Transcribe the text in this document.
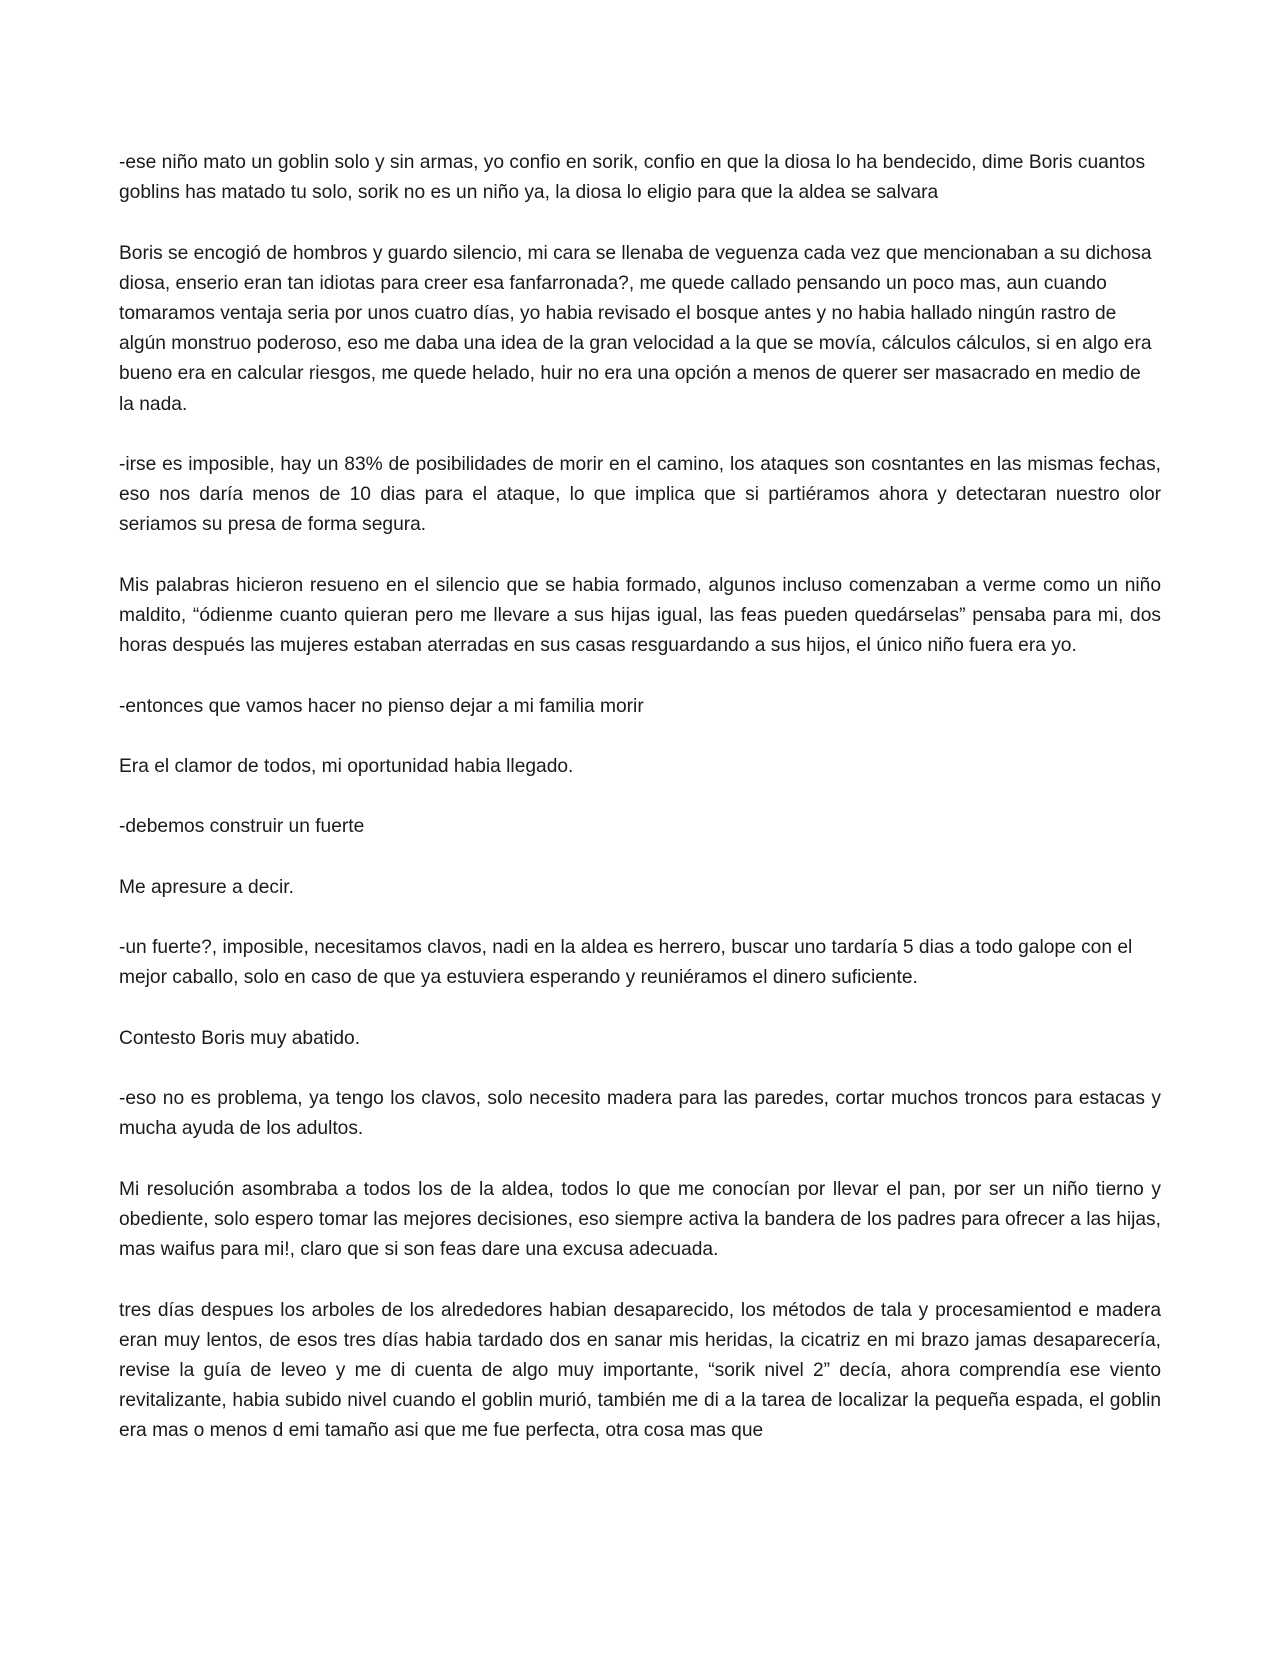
-ese niño mato un goblin solo y sin armas, yo confio en sorik, confio en que la diosa lo ha bendecido, dime Boris cuantos goblins has matado tu solo, sorik no es un niño ya, la diosa lo eligio para que la aldea se salvara

Boris se encogió de hombros y guardo silencio, mi cara se llenaba de veguenza cada vez que mencionaban a su dichosa diosa, enserio eran tan idiotas para creer esa fanfarronada?, me quede callado pensando un poco mas, aun cuando tomaramos ventaja seria por unos cuatro días, yo habia revisado el bosque antes y no habia hallado ningún rastro de algún monstruo poderoso, eso me daba una idea de la gran velocidad a la que se movía, cálculos cálculos, si en algo era bueno era en calcular riesgos, me quede helado, huir no era una opción a menos de querer ser masacrado en medio de la nada.

-irse es imposible, hay un 83% de posibilidades de morir en el camino, los ataques son cosntantes en las mismas fechas, eso nos daría menos de 10 dias para el ataque, lo que implica que si partiéramos ahora y detectaran nuestro olor seriamos su presa de forma segura.

Mis palabras hicieron resueno en el silencio que se habia formado, algunos incluso comenzaban a verme como un niño maldito, “ódienme cuanto quieran pero me llevare a sus hijas igual, las feas pueden quedárselas” pensaba para mi, dos horas después las mujeres estaban aterradas en sus casas resguardando a sus hijos, el único niño fuera era yo.

-entonces que vamos hacer no pienso dejar a mi familia morir

Era el clamor de todos, mi oportunidad habia llegado.

-debemos construir un fuerte

Me apresure a decir.

-un fuerte?, imposible, necesitamos clavos, nadi en la aldea es herrero, buscar uno tardaría 5 dias a todo galope con el mejor caballo, solo en caso de que ya estuviera esperando y reuniéramos el dinero suficiente.

Contesto Boris muy abatido.

-eso no es problema, ya tengo los clavos, solo necesito madera para las paredes, cortar muchos troncos para estacas y mucha ayuda de los adultos.

Mi resolución asombraba a todos los de la aldea, todos lo que me conocían por llevar el pan, por ser un niño tierno y obediente, solo espero tomar las mejores decisiones, eso siempre activa la bandera de los padres para ofrecer a las hijas, mas waifus para mi!, claro que si son feas dare una excusa adecuada.

tres días despues los arboles de los alrededores habian desaparecido, los métodos de tala y procesamientod e madera eran muy lentos, de esos tres días habia tardado dos en sanar mis heridas, la cicatriz en mi brazo jamas desaparecería, revise la guía de leveo y me di cuenta de algo muy importante, “sorik nivel 2” decía, ahora comprendía ese viento revitalizante, habia subido nivel cuando el goblin murió, también me di a la tarea de localizar la pequeña espada, el goblin era mas o menos d emi tamaño asi que me fue perfecta, otra cosa mas que
